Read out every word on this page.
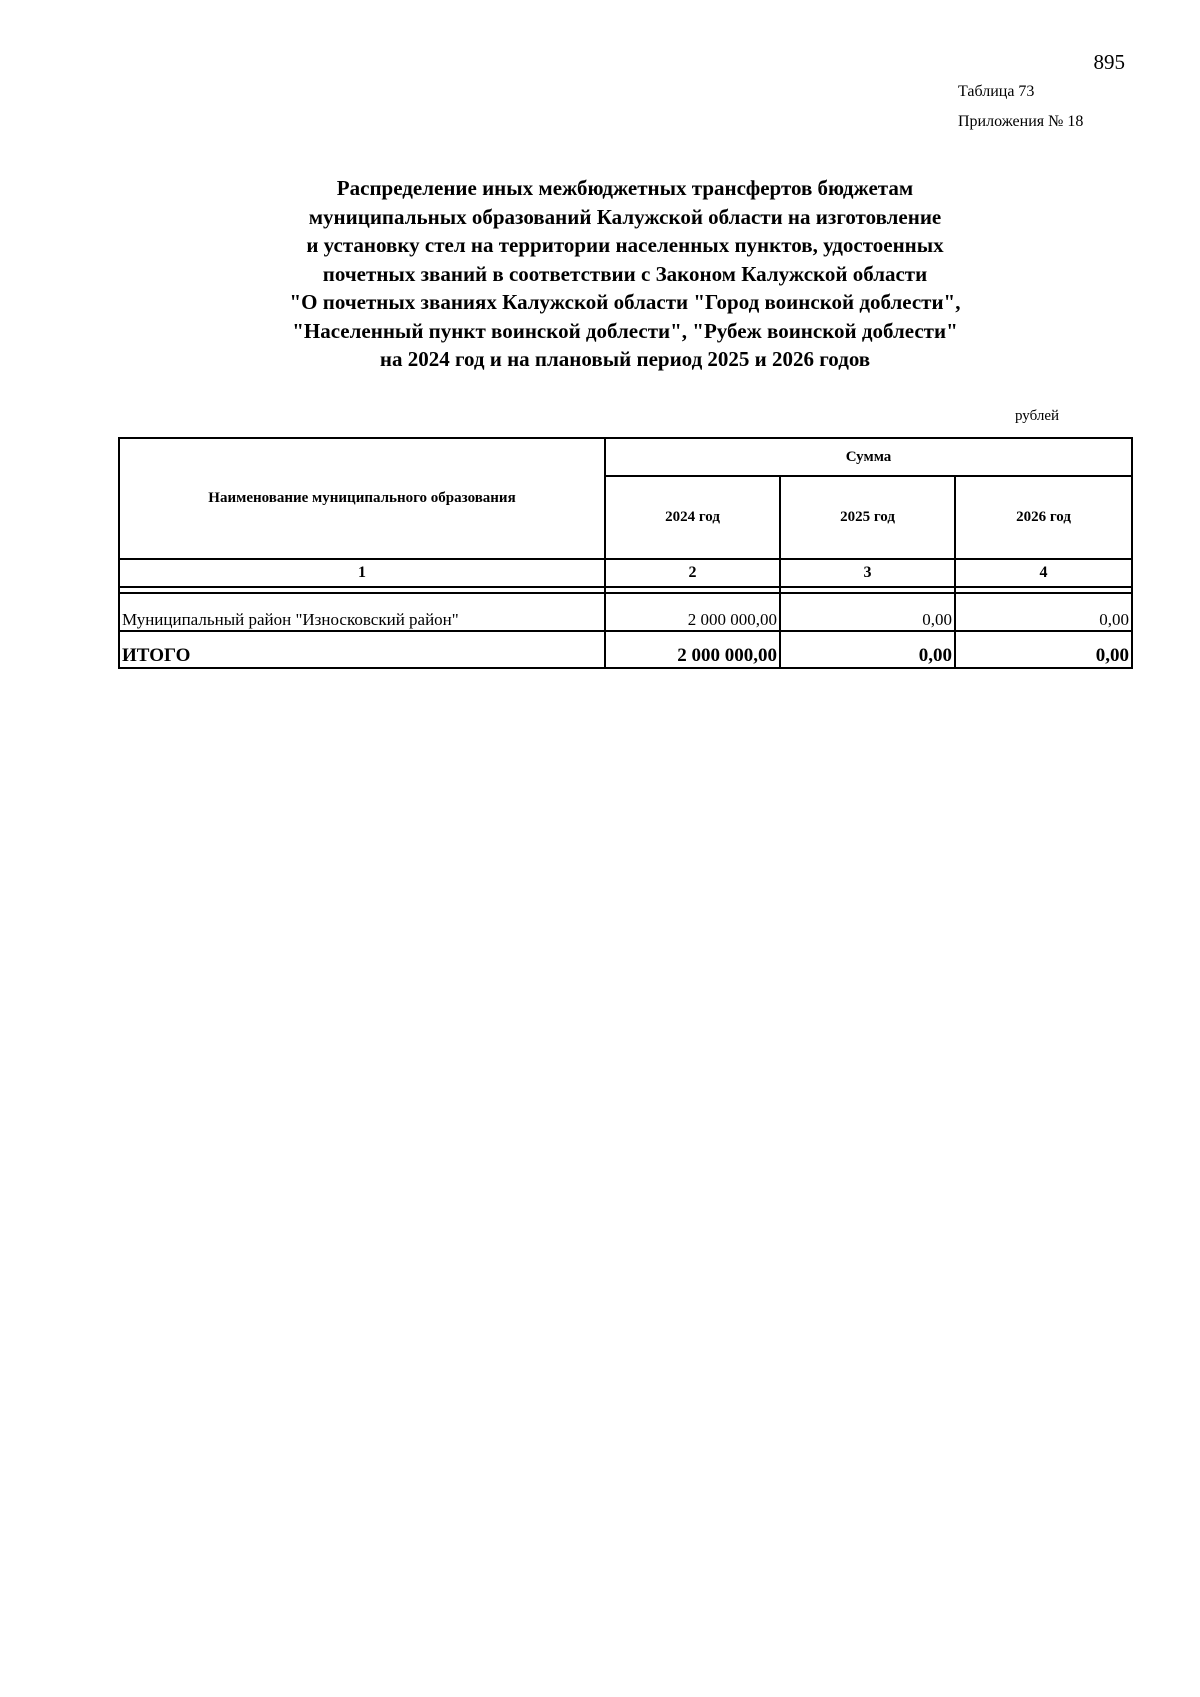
895
Таблица 73
Приложения № 18
Распределение иных межбюджетных трансфертов бюджетам
муниципальных образований Калужской области на изготовление
и установку стел на территории населенных пунктов, удостоенных
почетных званий в соответствии с Законом Калужской области
"О почетных званиях Калужской области "Город воинской доблести",
"Населенный пункт воинской доблести", "Рубеж воинской доблести"
на 2024 год и на плановый период 2025 и 2026 годов
рублей
Наименование муниципального образования	Сумма		
	2024 год	2025 год	2026 год
1	2	3	4

Муниципальный район "Износковский район"	2 000 000,00	0,00	0,00
ИТОГО	2 000 000,00	0,00	0,00
